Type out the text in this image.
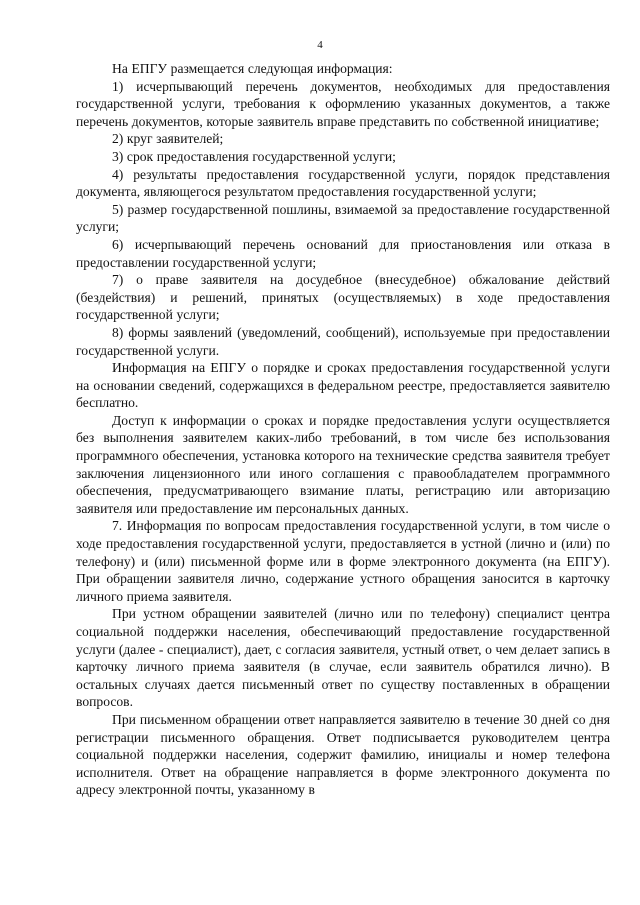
4

На ЕПГУ размещается следующая информация:

1) исчерпывающий перечень документов, необходимых для предоставления государственной услуги, требования к оформлению указанных документов, а также перечень документов, которые заявитель вправе представить по собственной инициативе;

2) круг заявителей;

3) срок предоставления государственной услуги;

4) результаты предоставления государственной услуги, порядок представления документа, являющегося результатом предоставления государственной услуги;

5) размер государственной пошлины, взимаемой за предоставление государственной услуги;

6) исчерпывающий перечень оснований для приостановления или отказа в предоставлении государственной услуги;

7) о праве заявителя на досудебное (внесудебное) обжалование действий (бездействия) и решений, принятых (осуществляемых) в ходе предоставления государственной услуги;

8) формы заявлений (уведомлений, сообщений), используемые при предоставлении государственной услуги.

Информация на ЕПГУ о порядке и сроках предоставления государственной услуги на основании сведений, содержащихся в федеральном реестре, предоставляется заявителю бесплатно.

Доступ к информации о сроках и порядке предоставления услуги осуществляется без выполнения заявителем каких-либо требований, в том числе без использования программного обеспечения, установка которого на технические средства заявителя требует заключения лицензионного или иного соглашения с правообладателем программного обеспечения, предусматривающего взимание платы, регистрацию или авторизацию заявителя или предоставление им персональных данных.

7. Информация по вопросам предоставления государственной услуги, в том числе о ходе предоставления государственной услуги, предоставляется в устной (лично и (или) по телефону) и (или) письменной форме или в форме электронного документа (на ЕПГУ). При обращении заявителя лично, содержание устного обращения заносится в карточку личного приема заявителя.

При устном обращении заявителей (лично или по телефону) специалист центра социальной поддержки населения, обеспечивающий предоставление государственной услуги (далее - специалист), дает, с согласия заявителя, устный ответ, о чем делает запись в карточку личного приема заявителя (в случае, если заявитель обратился лично). В остальных случаях дается письменный ответ по существу поставленных в обращении вопросов.

При письменном обращении ответ направляется заявителю в течение 30 дней со дня регистрации письменного обращения. Ответ подписывается руководителем центра социальной поддержки населения, содержит фамилию, инициалы и номер телефона исполнителя. Ответ на обращение направляется в форме электронного документа по адресу электронной почты, указанному в
